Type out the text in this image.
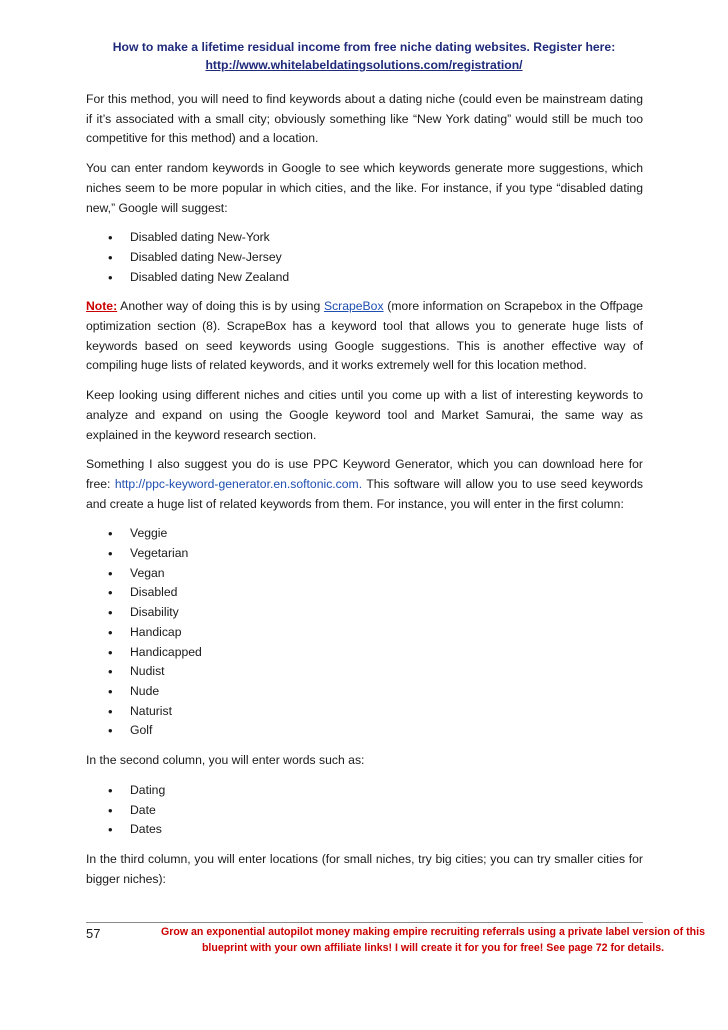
How to make a lifetime residual income from free niche dating websites. Register here:
http://www.whitelabeldatingsolutions.com/registration/

For this method, you will need to find keywords about a dating niche (could even be mainstream dating if it’s associated with a small city; obviously something like “New York dating” would still be much too competitive for this method) and a location.

You can enter random keywords in Google to see which keywords generate more suggestions, which niches seem to be more popular in which cities, and the like. For instance, if you type “disabled dating new,” Google will suggest:

• Disabled dating New-York
• Disabled dating New-Jersey
• Disabled dating New Zealand

Note: Another way of doing this is by using ScrapeBox (more information on Scrapebox in the Offpage optimization section (8). ScrapeBox has a keyword tool that allows you to generate huge lists of keywords based on seed keywords using Google suggestions. This is another effective way of compiling huge lists of related keywords, and it works extremely well for this location method.

Keep looking using different niches and cities until you come up with a list of interesting keywords to analyze and expand on using the Google keyword tool and Market Samurai, the same way as explained in the keyword research section.

Something I also suggest you do is use PPC Keyword Generator, which you can download here for free: http://ppc-keyword-generator.en.softonic.com. This software will allow you to use seed keywords and create a huge list of related keywords from them. For instance, you will enter in the first column:

• Veggie
• Vegetarian
• Vegan
• Disabled
• Disability
• Handicap
• Handicapped
• Nudist
• Nude
• Naturist
• Golf

In the second column, you will enter words such as:

• Dating
• Date
• Dates

In the third column, you will enter locations (for small niches, try big cities; you can try smaller cities for bigger niches):

57	Grow an exponential autopilot money making empire recruiting referrals using a private label version of this blueprint with your own affiliate links! I will create it for you for free! See page 72 for details.
